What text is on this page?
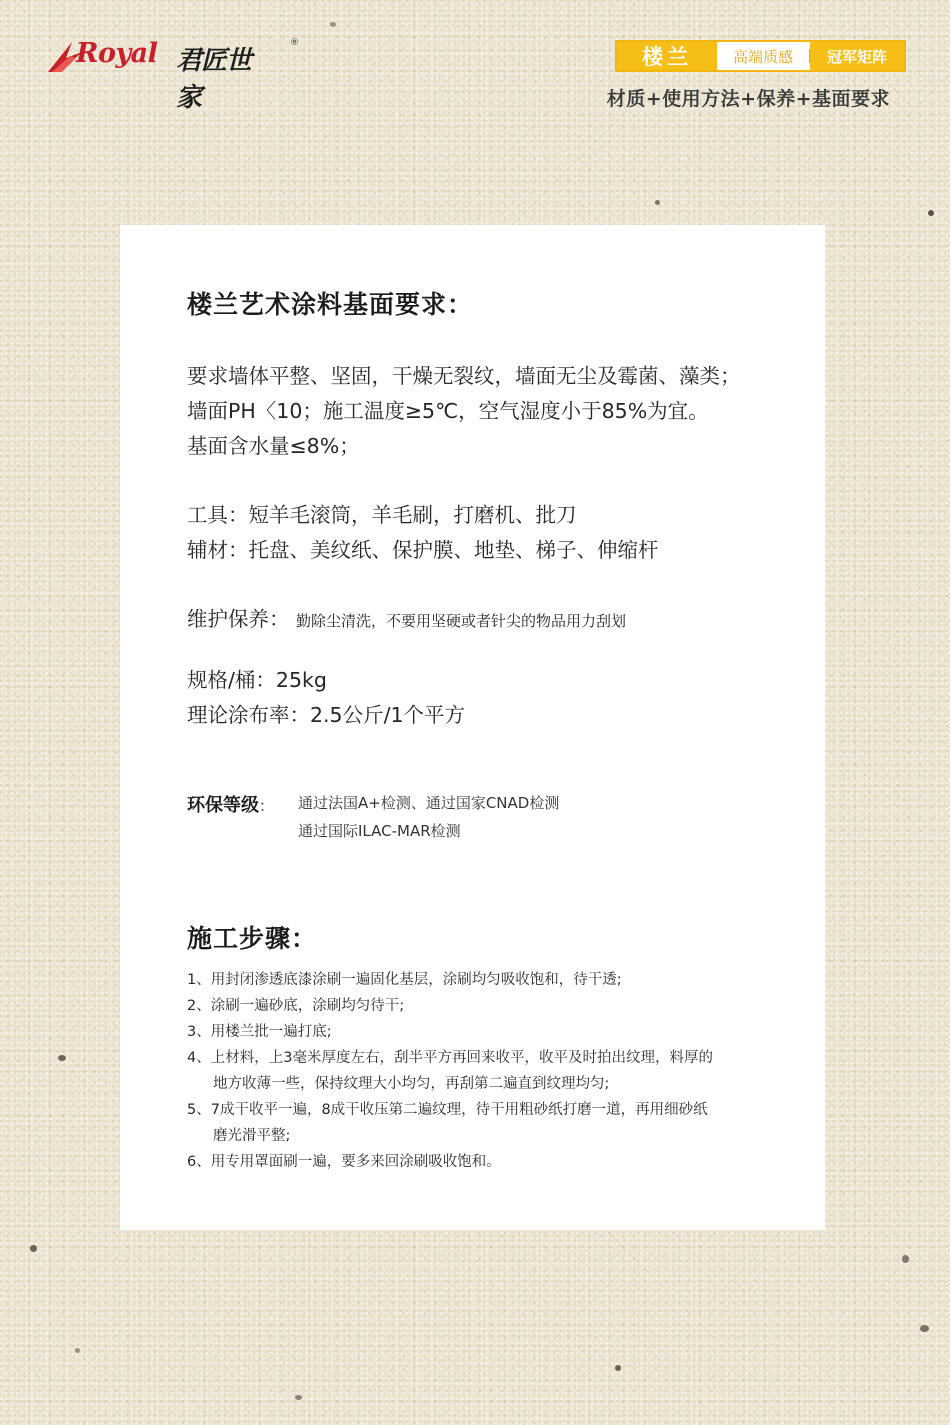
Royal 君匠世家
®
楼兰	高端质感	冠军矩阵
材质+使用方法+保养+基面要求
楼兰艺术涂料基面要求：
要求墙体平整、坚固，干燥无裂纹，墙面无尘及霉菌、藻类；
墙面PH〈10；施工温度≥5℃，空气湿度小于85%为宜。
基面含水量≤8%；
工具：短羊毛滚筒，羊毛刷，打磨机、批刀
辅材：托盘、美纹纸、保护膜、地垫、梯子、伸缩杆
维护保养： 勤除尘清洗，不要用坚硬或者针尖的物品用力刮划
规格/桶：25kg
理论涂布率：2.5公斤/1个平方
环保等级： 通过法国A+检测、通过国家CNAD检测
通过国际ILAC-MAR检测
施工步骤：
1、用封闭渗透底漆涂刷一遍固化基层，涂刷均匀吸收饱和，待干透;
2、涂刷一遍砂底，涂刷均匀待干;
3、用楼兰批一遍打底;
4、上材料，上3毫米厚度左右，刮半平方再回来收平，收平及时拍出纹理，料厚的
地方收薄一些，保持纹理大小均匀，再刮第二遍直到纹理均匀;
5、7成干收平一遍，8成干收压第二遍纹理，待干用粗砂纸打磨一道，再用细砂纸
磨光滑平整;
6、用专用罩面刷一遍，要多来回涂刷吸收饱和。
